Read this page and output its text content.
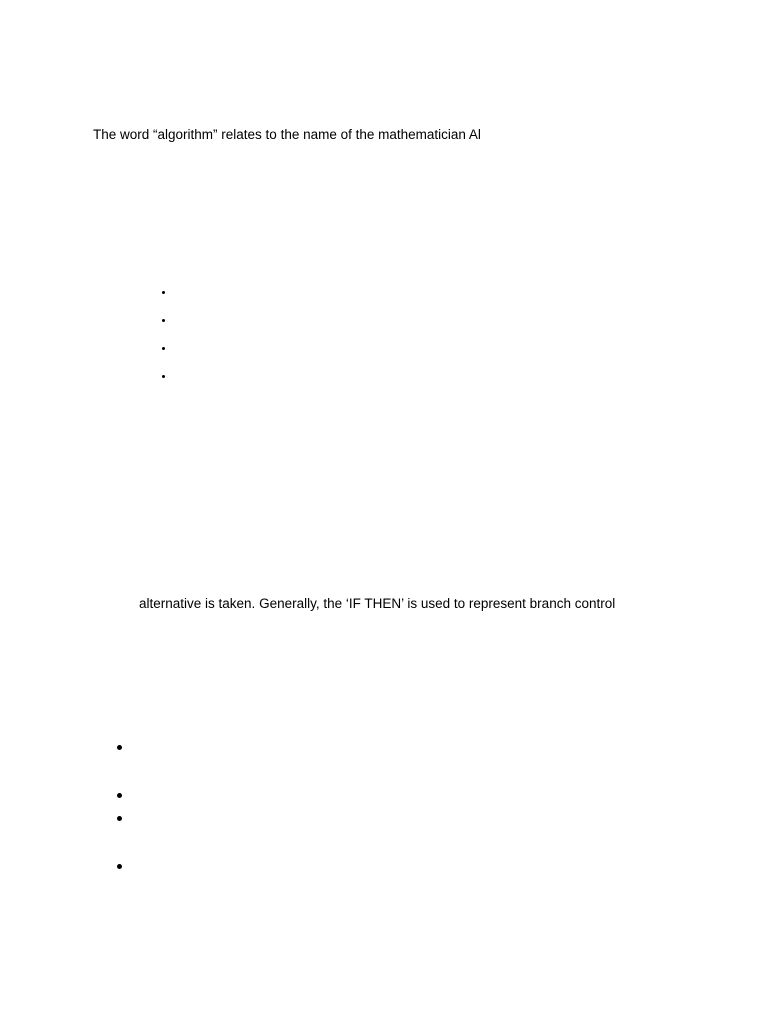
The word “algorithm” relates to the name of the mathematician Al

alternative is taken. Generally, the ‘IF THEN’ is used to represent branch control
